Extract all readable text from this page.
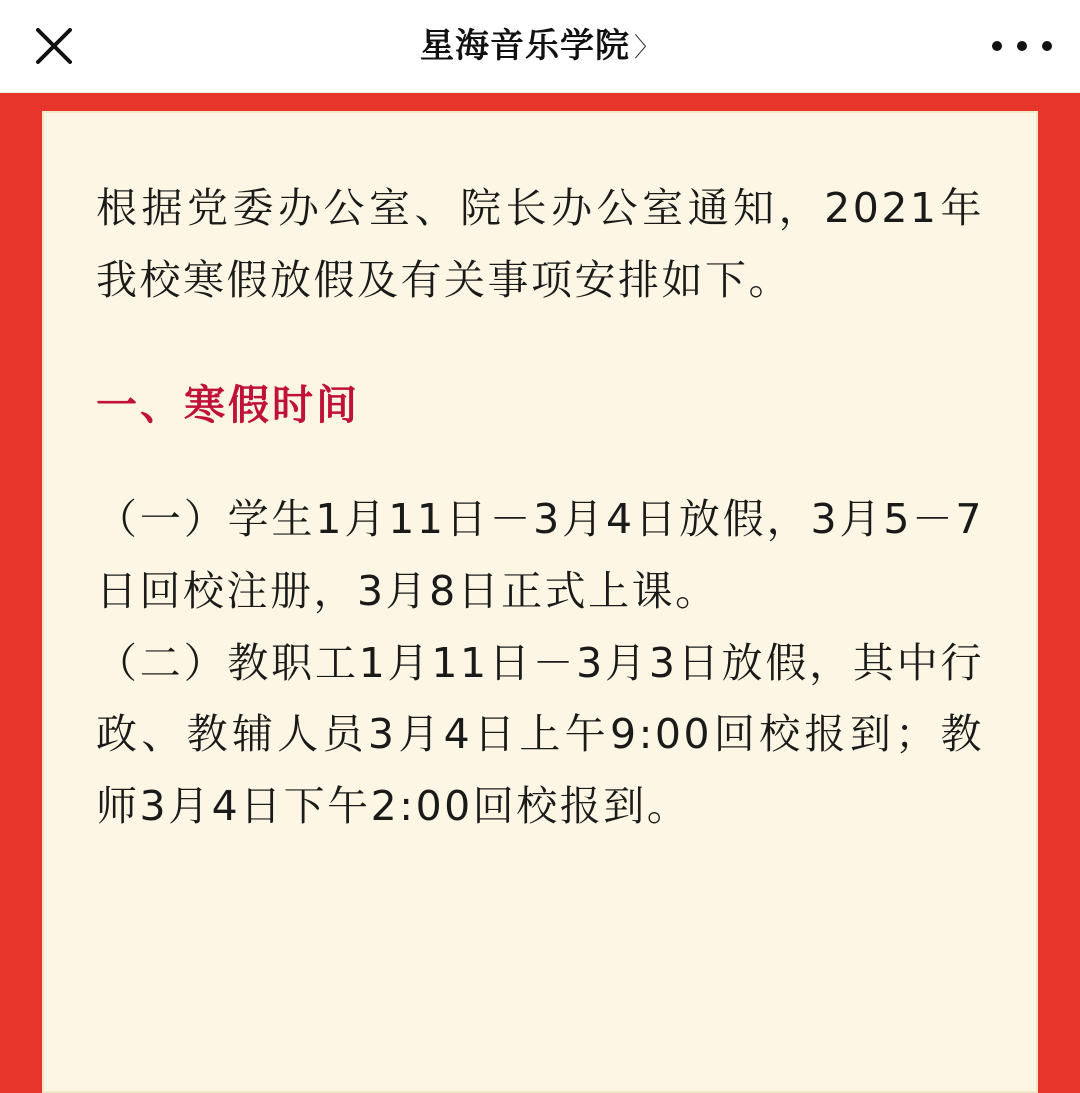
星海音乐学院 〉

根据党委办公室、院长办公室通知，2021年我校寒假放假及有关事项安排如下。

一、寒假时间

（一）学生1月11日－3月4日放假，3月5－7日回校注册，3月8日正式上课。

（二）教职工1月11日－3月3日放假，其中行政、教辅人员3月4日上午9:00回校报到；教师3月4日下午2:00回校报到。
